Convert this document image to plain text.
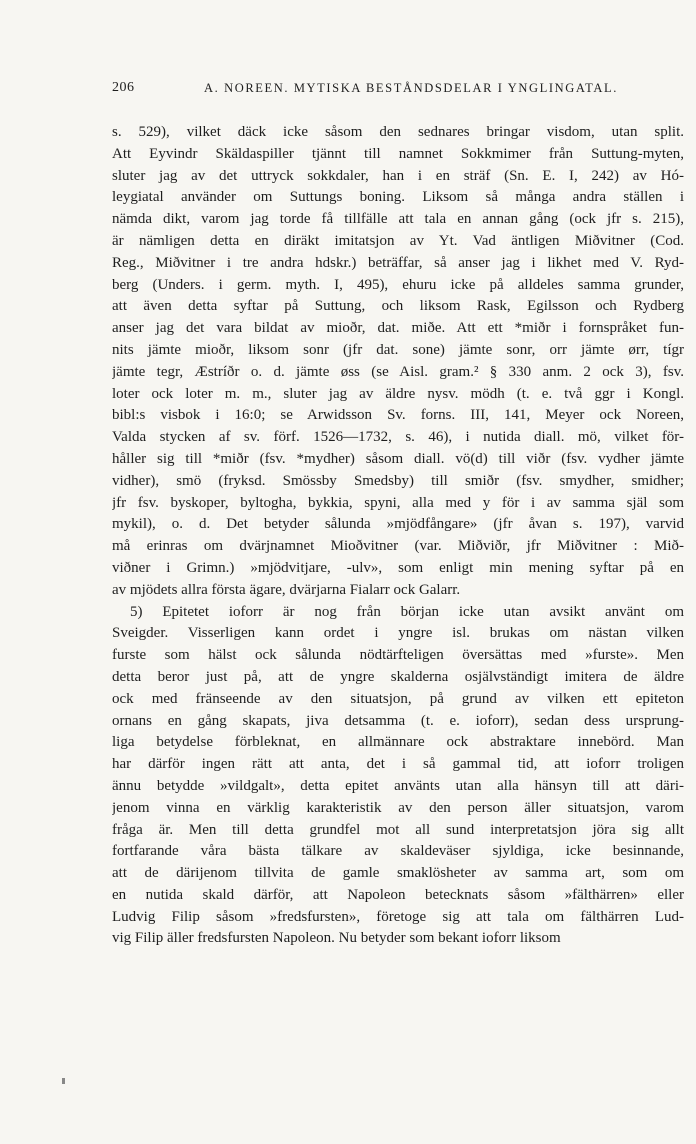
206	A. NOREEN. MYTISKA BESTÅNDSDELAR I YNGLINGATAL.
s. 529), vilket däck icke såsom den sednares bringar visdom, utan split.
Att Eyvindr Skäldaspiller tjännt till namnet Sokkmimer från Suttung-myten,
sluter jag av det uttryck sokkdaler, han i en sträf (Sn. E. I, 242) av Hó-
leygiatal använder om Suttungs boning. Liksom så många andra ställen i
nämda dikt, varom jag torde få tillfälle att tala en annan gång (ock jfr s. 215),
är nämligen detta en diräkt imitatsjon av Yt. Vad äntligen Miðvitner (Cod.
Reg., Miðvitner i tre andra hdskr.) beträffar, så anser jag i likhet med V. Ryd-
berg (Unders. i germ. myth. I, 495), ehuru icke på alldeles samma grunder,
att även detta syftar på Suttung, och liksom Rask, Egilsson och Rydberg
anser jag det vara bildat av mioðr, dat. miðe. Att ett *miðr i fornspråket fun-
nits jämte mioðr, liksom sonr (jfr dat. sone) jämte sonr, orr jämte ørr, tígr
jämte tegr, Æstríðr o. d. jämte øss (se Aisl. gram.² § 330 anm. 2 ock 3), fsv.
loter ock loter m. m., sluter jag av äldre nysv. mödh (t. e. två ggr i Kongl.
bibl:s visbok i 16:0; se Arwidsson Sv. forns. III, 141, Meyer ock Noreen,
Valda stycken af sv. förf. 1526—1732, s. 46), i nutida diall. mö, vilket för-
håller sig till *miðr (fsv. *mydher) såsom diall. vö(d) till viðr (fsv. vydher jämte
vidher), smö (fryksd. Smössby Smedsby) till smiðr (fsv. smydher, smidher;
jfr fsv. byskoper, byltogha, bykkia, spyni, alla med y för i av samma själ som
mykil), o. d. Det betyder sålunda »mjödfångare» (jfr åvan s. 197), varvid
må erinras om dvärjnamnet Mioðvitner (var. Miðviðr, jfr Miðvitner : Mið-
viðner i Grimn.) »mjödvitjare, -ulv», som enligt min mening syftar på en
av mjödets allra första ägare, dvärjarna Fialarr ock Galarr.
5) Epitetet ioforr är nog från början icke utan avsikt använt om
Sveigder. Visserligen kann ordet i yngre isl. brukas om nästan vilken
furste som hälst ock sålunda nödtärfteligen översättas med »furste». Men
detta beror just på, att de yngre skalderna osjälvständigt imitera de äldre
ock med fränseende av den situatsjon, på grund av vilken ett epiteton
ornans en gång skapats, jiva detsamma (t. e. ioforr), sedan dess ursprung-
liga betydelse förbleknat, en allmännare ock abstraktare innebörd. Man
har därför ingen rätt att anta, det i så gammal tid, att ioforr troligen
ännu betydde »vildgalt», detta epitet använts utan alla hänsyn till att däri-
jenom vinna en värklig karakteristik av den person äller situatsjon, varom
fråga är. Men till detta grundfel mot all sund interpretatsjon jöra sig allt
fortfarande våra bästa tälkare av skaldeväser sjyldiga, icke besinnande,
att de därijenom tillvita de gamle smaklösheter av samma art, som om
en nutida skald därför, att Napoleon betecknats såsom »fälthärren» eller
Ludvig Filip såsom »fredsfursten», företoge sig att tala om fälthärren Lud-
vig Filip äller fredsfursten Napoleon. Nu betyder som bekant ioforr liksom
